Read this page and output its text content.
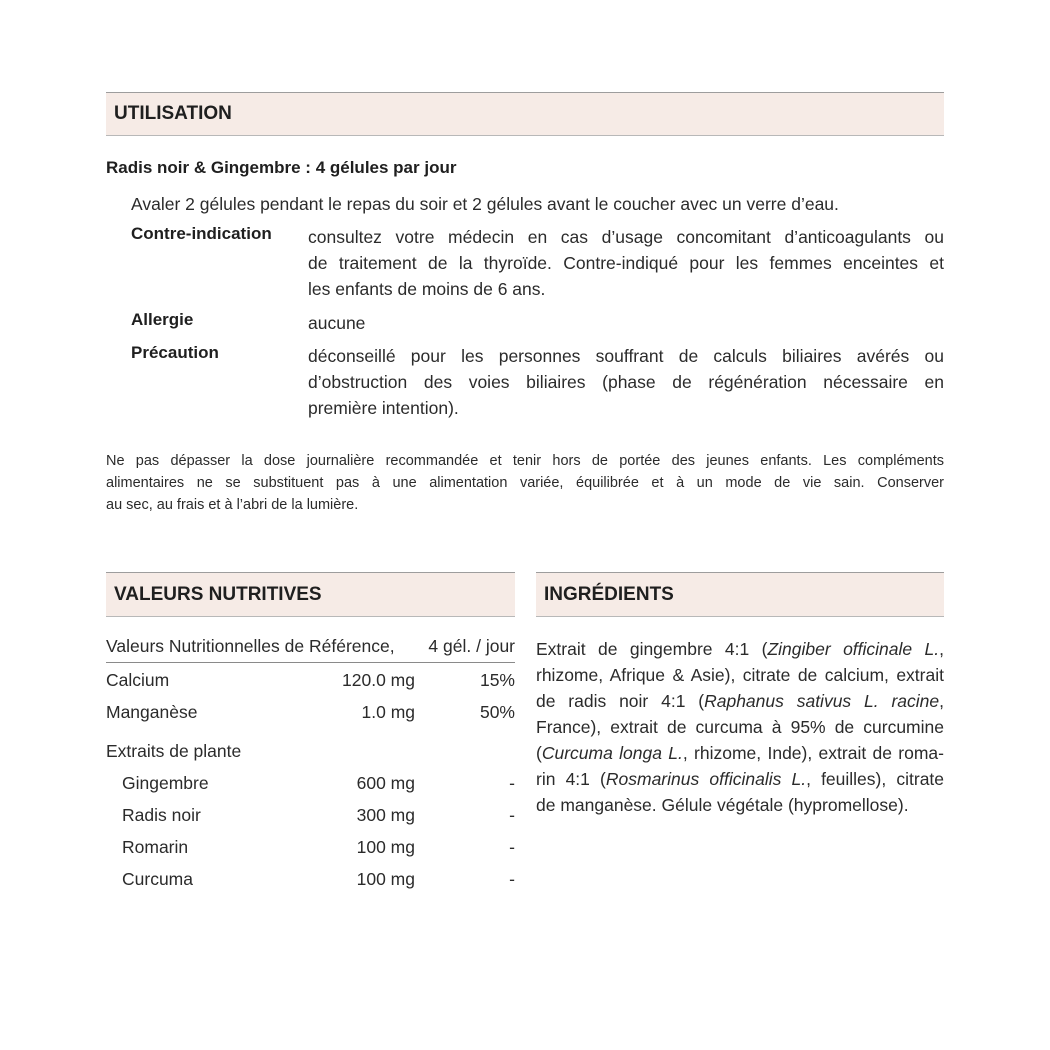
UTILISATION
Radis noir & Gingembre : 4 gélules par jour
Avaler 2 gélules pendant le repas du soir et 2 gélules avant le coucher avec un verre d’eau.
Contre-indication consultez votre médecin en cas d’usage concomitant d’anticoagulants ou
de traitement de la thyroïde. Contre-indiqué pour les femmes enceintes et
les enfants de moins de 6 ans.
Allergie	aucune
Précaution	déconseillé pour les personnes souffrant de calculs biliaires avérés ou
d’obstruction des voies biliaires (phase de régénération nécessaire en
première intention).
Ne pas dépasser la dose journalière recommandée et tenir hors de portée des jeunes enfants. Les compléments
alimentaires ne se substituent pas à une alimentation variée, équilibrée et à un mode de vie sain. Conserver
au sec, au frais et à l’abri de la lumière.
VALEURS NUTRITIVES
Valeurs Nutritionnelles de Référence, 4 gél. / jour
Calcium	120.0 mg	15%
Manganèse	1.0 mg	50%
Extraits de plante
Gingembre	600 mg	-
Radis noir	300 mg	-
Romarin	100 mg	-
Curcuma	100 mg	-
INGRÉDIENTS
Extrait de gingembre 4:1 (Zingiber officinale L.,
rhizome, Afrique & Asie), citrate de calcium, extrait
de radis noir 4:1 (Raphanus sativus L. racine,
France), extrait de curcuma à 95% de curcumine
(Curcuma longa L., rhizome, Inde), extrait de roma-
rin 4:1 (Rosmarinus officinalis L., feuilles), citrate
de manganèse. Gélule végétale (hypromellose).
